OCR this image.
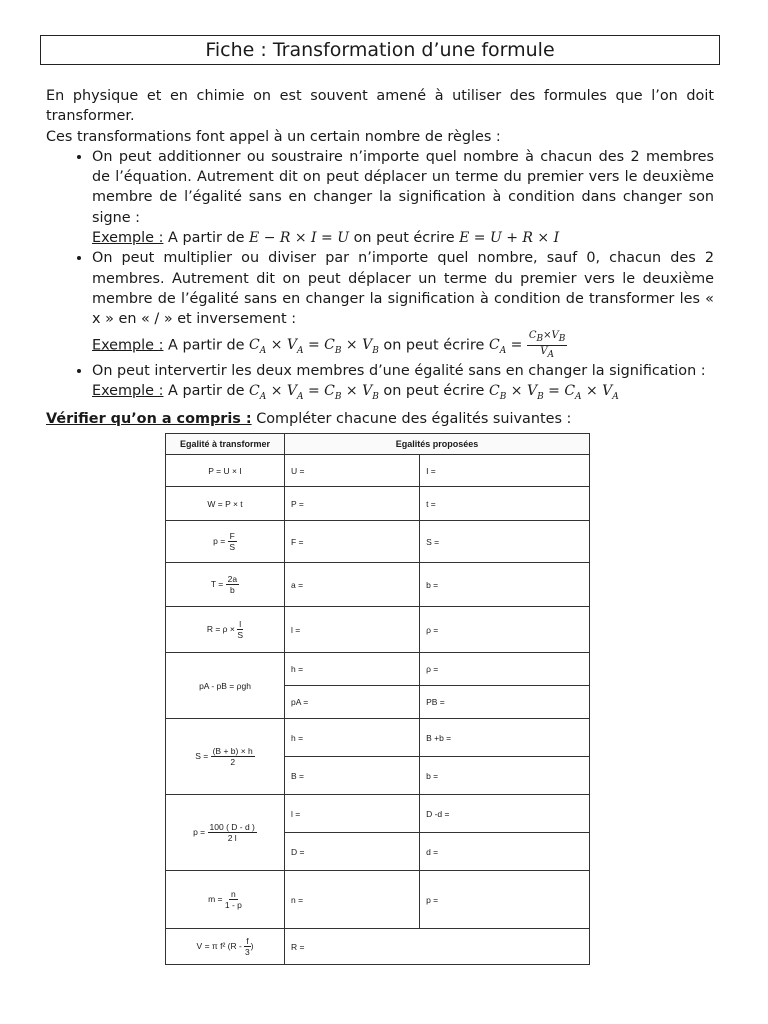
Fiche : Transformation d’une formule

En physique et en chimie on est souvent amené à utiliser des formules que l’on doit transformer.

Ces transformations font appel à un certain nombre de règles :

• On peut additionner ou soustraire n’importe quel nombre à chacun des 2 membres de l’équation. Autrement dit on peut déplacer un terme du premier vers le deuxième membre de l’égalité sans en changer la signification à condition dans changer son signe :
Exemple : A partir de E − R × I = U on peut écrire E = U + R × I
• On peut multiplier ou diviser par n’importe quel nombre, sauf 0, chacun des 2 membres. Autrement dit on peut déplacer un terme du premier vers le deuxième membre de l’égalité sans en changer la signification à condition de transformer les « x » en « / » et inversement :
Exemple : A partir de $C_A \times V_A = C_B \times V_B$ on peut écrire $C_A = \frac{C_B\times V_B}{V_A}$
• On peut intervertir les deux membres d’une égalité sans en changer la signification :
Exemple : A partir de $C_A \times V_A = C_B \times V_B$ on peut écrire $C_B \times V_B = C_A \times V_A$
Vérifier qu’on a compris : Compléter chacune des égalités suivantes :
Egalité à transformer	Egalités proposées	
P = U × I	U =	I =
W = P × t	P =	t =
$p = \frac{F}{S}$	F =	S =
$T = \frac{2a}{b}$	a =	b =
$R = \rho \times \frac{l}{S}$	l =	ρ =
pA - pB = ρgh	h =	ρ =
	pA =	PB =
$S = \frac{(B + b) \times h}{2}$	h =	B +b =
	B =	b =
$p = \frac{100 ( D - d )}{2 l}$	l =	D -d =
	D =	d =
$m = \frac{n}{1 - p}$	n =	p =
V = π f² ($R - \frac{f}{3}$ )	R =	
